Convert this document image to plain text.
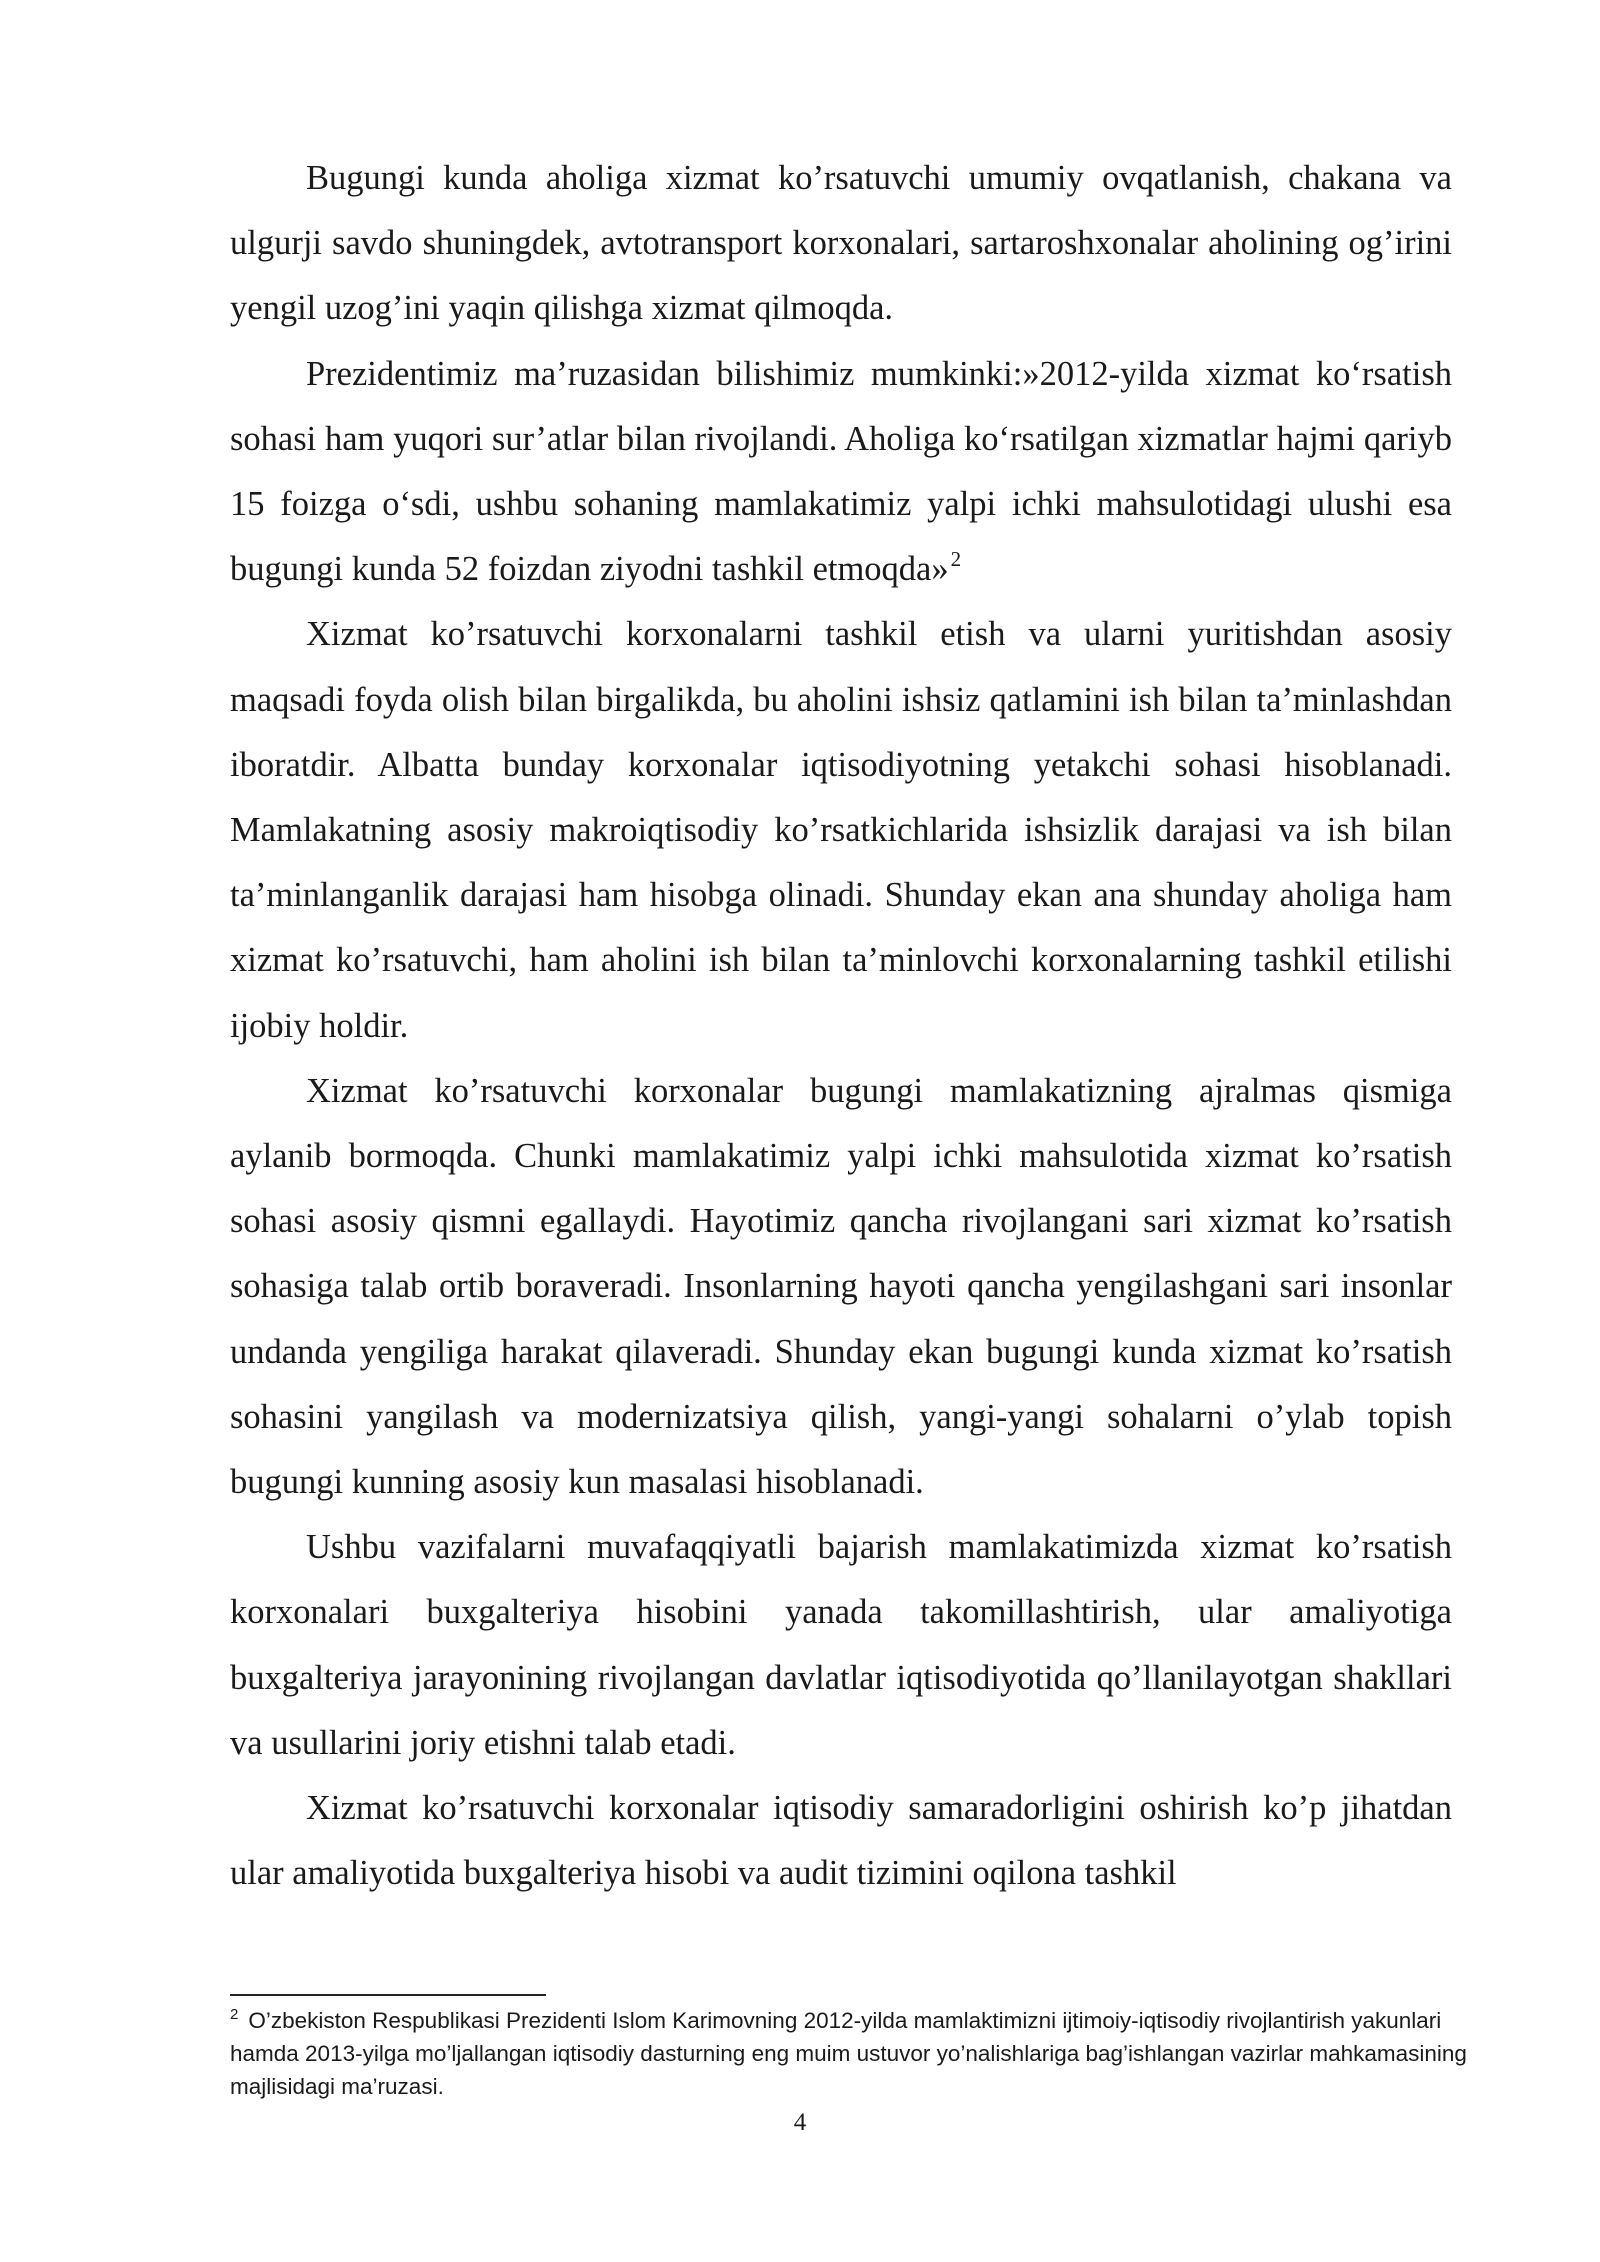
Bugungi kunda aholiga xizmat ko’rsatuvchi umumiy ovqatlanish, chakana va ulgurji savdo shuningdek, avtotransport korxonalari, sartaroshxonalar aholining og’irini yengil uzog’ini yaqin qilishga xizmat qilmoqda.

Prezidentimiz ma’ruzasidan bilishimiz mumkinki:»2012-yilda xizmat koʻrsatish sohasi ham yuqori sur’atlar bilan rivojlandi. Aholiga koʻrsatilgan xizmatlar hajmi qariyb 15 foizga oʻsdi, ushbu sohaning mamlakatimiz yalpi ichki mahsulotidagi ulushi esa bugungi kunda 52 foizdan ziyodni tashkil etmoqda»$^2$

Xizmat ko’rsatuvchi korxonalarni tashkil etish va ularni yuritishdan asosiy maqsadi foyda olish bilan birgalikda, bu aholini ishsiz qatlamini ish bilan ta’minlashdan iboratdir. Albatta bunday korxonalar iqtisodiyotning yetakchi sohasi hisoblanadi. Mamlakatning asosiy makroiqtisodiy ko’rsatkichlarida ishsizlik darajasi va ish bilan ta’minlanganlik darajasi ham hisobga olinadi. Shunday ekan ana shunday aholiga ham xizmat ko’rsatuvchi, ham aholini ish bilan ta’minlovchi korxonalarning tashkil etilishi ijobiy holdir.

Xizmat ko’rsatuvchi korxonalar bugungi mamlakatizning ajralmas qismiga aylanib bormoqda. Chunki mamlakatimiz yalpi ichki mahsulotida xizmat ko’rsatish sohasi asosiy qismni egallaydi. Hayotimiz qancha rivojlangani sari xizmat ko’rsatish sohasiga talab ortib boraveradi. Insonlarning hayoti qancha yengilashgani sari insonlar undanda yengiliga harakat qilaveradi. Shunday ekan bugungi kunda xizmat ko’rsatish sohasini yangilash va modernizatsiya qilish, yangi-yangi sohalarni o’ylab topish bugungi kunning asosiy kun masalasi hisoblanadi.

Ushbu vazifalarni muvafaqqiyatli bajarish mamlakatimizda xizmat ko’rsatish korxonalari buxgalteriya hisobini yanada takomillashtirish, ular amaliyotiga buxgalteriya jarayonining rivojlangan davlatlar iqtisodiyotida qo’llanilayotgan shakllari va usullarini joriy etishni talab etadi.

Xizmat ko’rsatuvchi korxonalar iqtisodiy samaradorligini oshirish ko’p jihatdan ular amaliyotida buxgalteriya hisobi va audit tizimini oqilona tashkil

$^2$ O’zbekiston Respublikasi Prezidenti Islom Karimovning 2012-yilda mamlaktimizni ijtimoiy-iqtisodiy rivojlantirish yakunlari hamda 2013-yilga mo’ljallangan iqtisodiy dasturning eng muim ustuvor yo’nalishlariga bag’ishlangan vazirlar mahkamasining majlisidagi ma’ruzasi.

4
